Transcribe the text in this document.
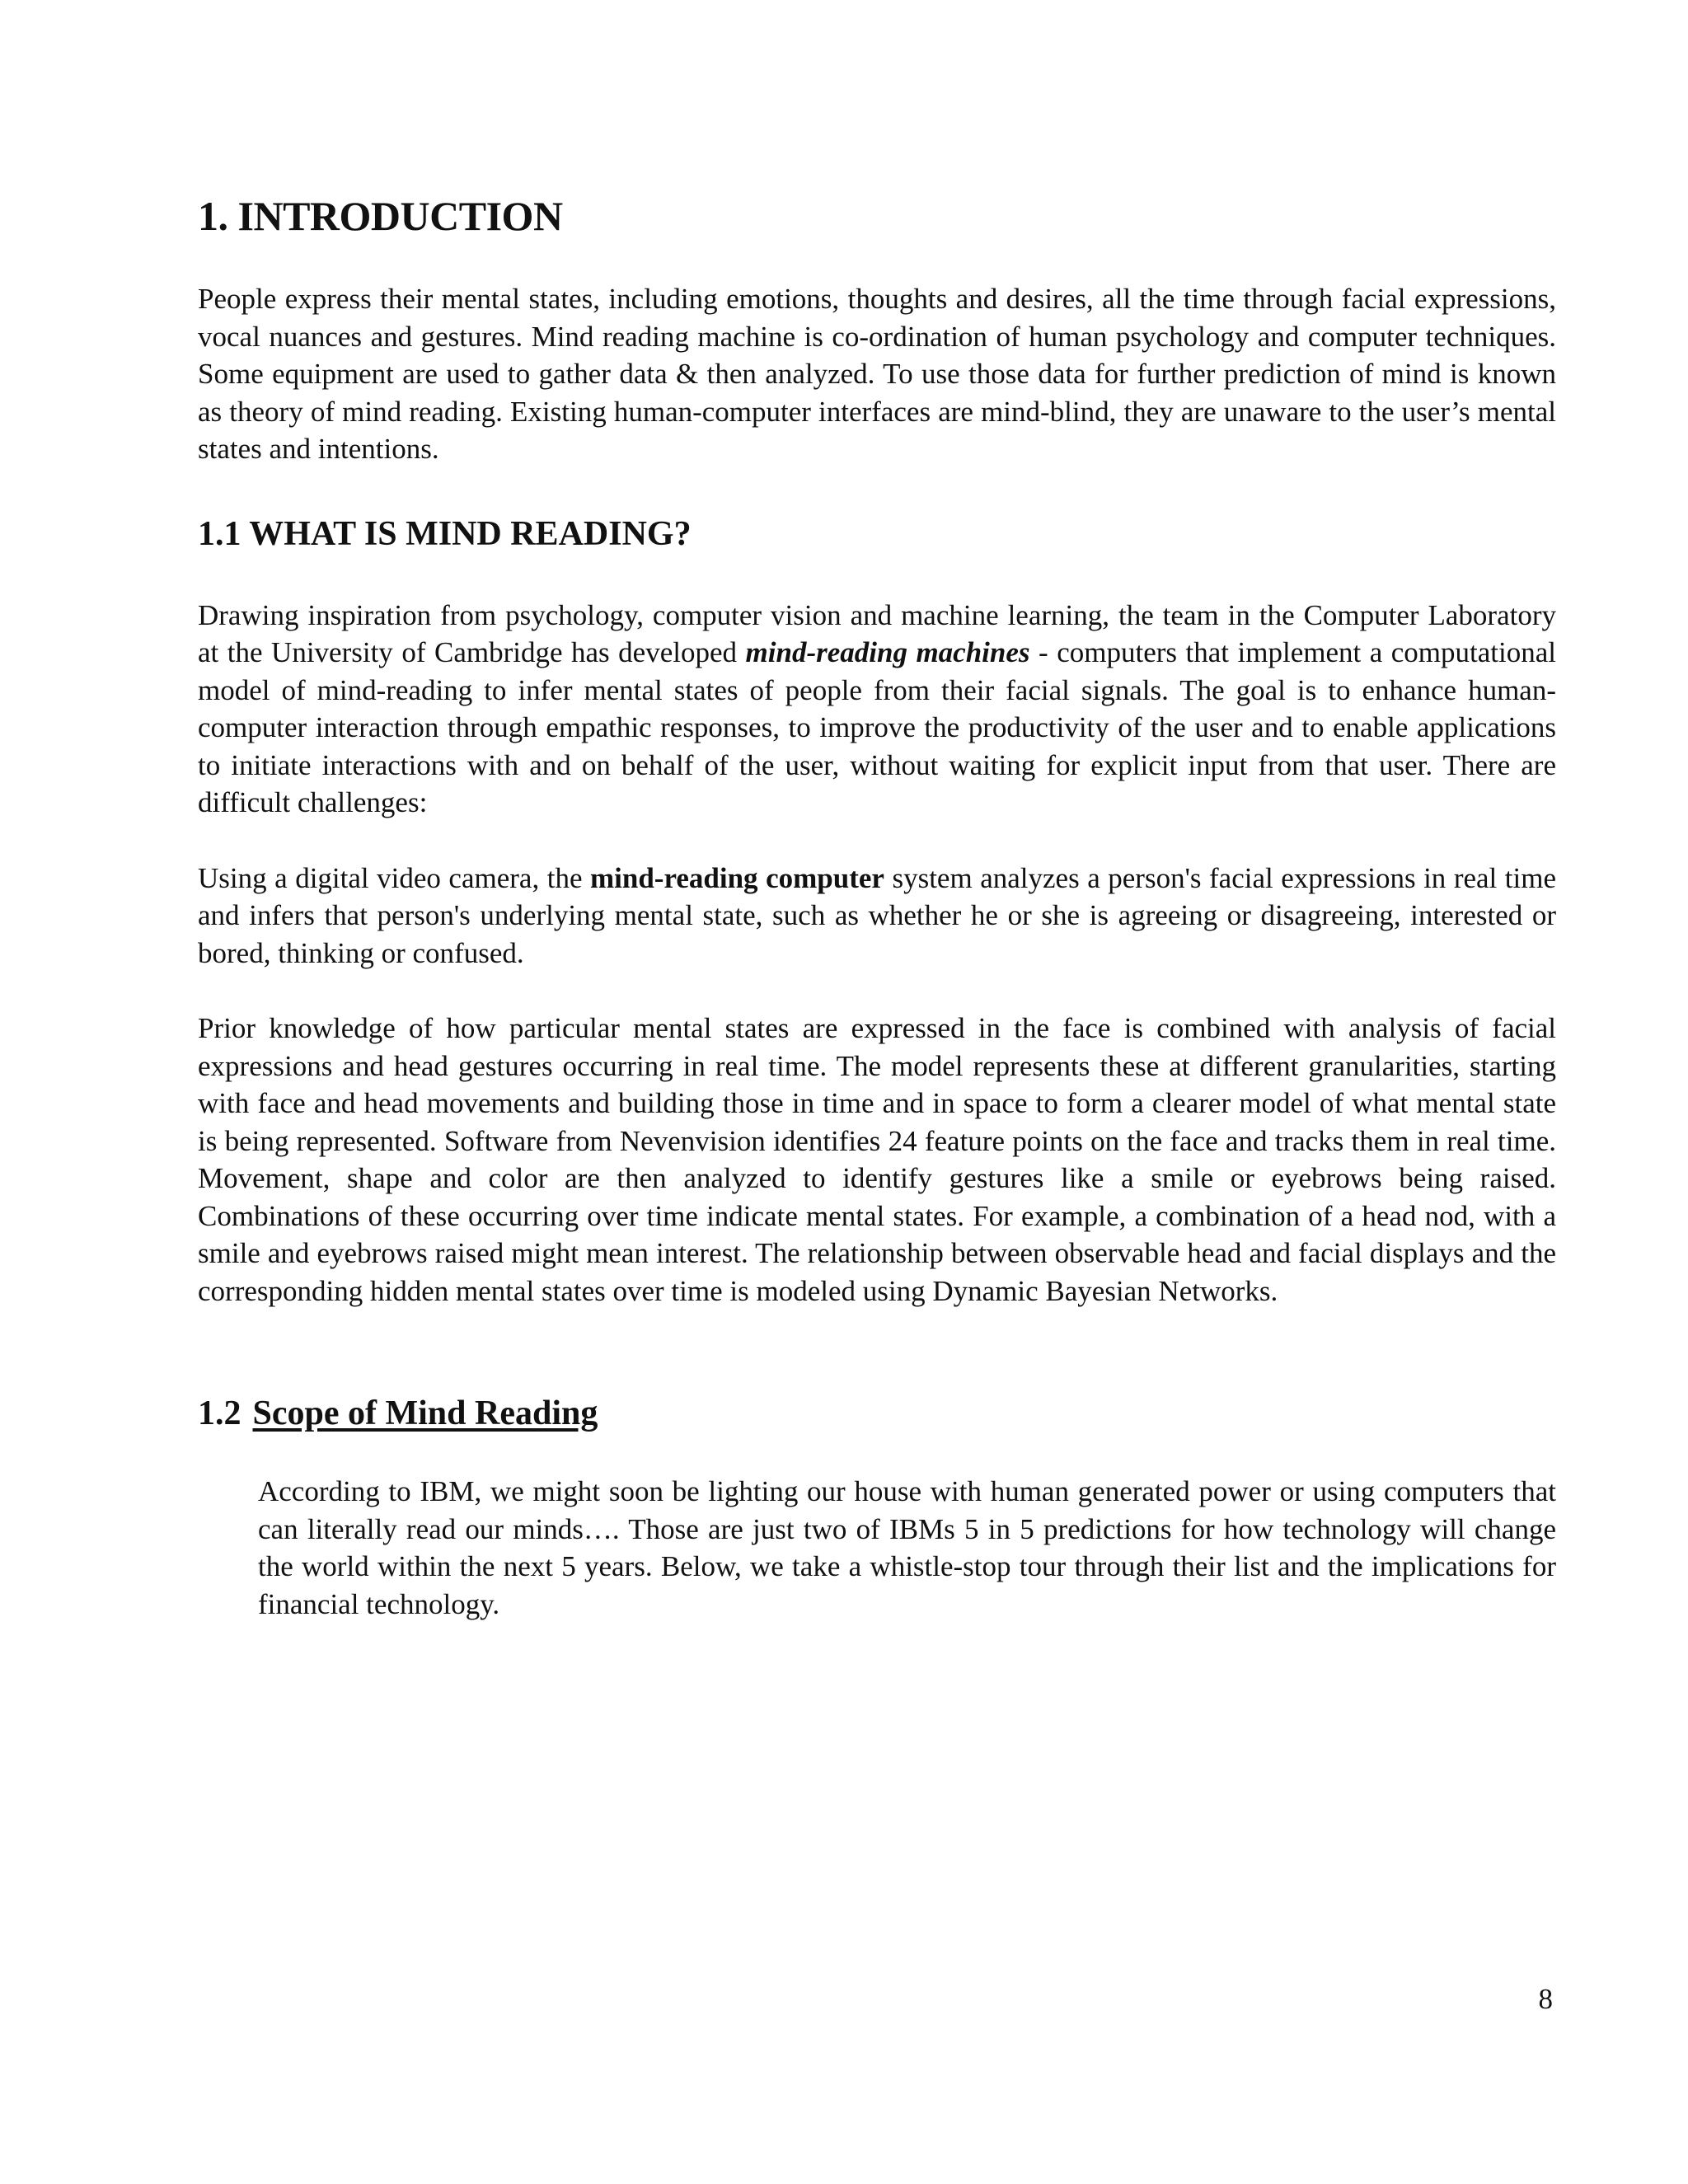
1. INTRODUCTION

People express their mental states, including emotions, thoughts and desires, all the time through facial expressions, vocal nuances and gestures. Mind reading machine is co-ordination of human psychology and computer techniques. Some equipment are used to gather data & then analyzed. To use those data for further prediction of mind is known as theory of mind reading. Existing human-computer interfaces are mind-blind, they are unaware to the user’s mental states and intentions.

1.1 WHAT IS MIND READING?

Drawing inspiration from psychology, computer vision and machine learning, the team in the Computer Laboratory at the University of Cambridge has developed mind-reading machines - computers that implement a computational model of mind-reading to infer mental states of people from their facial signals. The goal is to enhance human-computer interaction through empathic responses, to improve the productivity of the user and to enable applications to initiate interactions with and on behalf of the user, without waiting for explicit input from that user. There are difficult challenges:

Using a digital video camera, the mind-reading computer system analyzes a person's facial expressions in real time and infers that person's underlying mental state, such as whether he or she is agreeing or disagreeing, interested or bored, thinking or confused.

Prior knowledge of how particular mental states are expressed in the face is combined with analysis of facial expressions and head gestures occurring in real time. The model represents these at different granularities, starting with face and head movements and building those in time and in space to form a clearer model of what mental state is being represented. Software from Nevenvision identifies 24 feature points on the face and tracks them in real time. Movement, shape and color are then analyzed to identify gestures like a smile or eyebrows being raised. Combinations of these occurring over time indicate mental states. For example, a combination of a head nod, with a smile and eyebrows raised might mean interest. The relationship between observable head and facial displays and the corresponding hidden mental states over time is modeled using Dynamic Bayesian Networks.

1.2 Scope of Mind Reading

According to IBM, we might soon be lighting our house with human generated power or using computers that can literally read our minds…. Those are just two of IBMs 5 in 5 predictions for how technology will change the world within the next 5 years. Below, we take a whistle-stop tour through their list and the implications for financial technology.

8
